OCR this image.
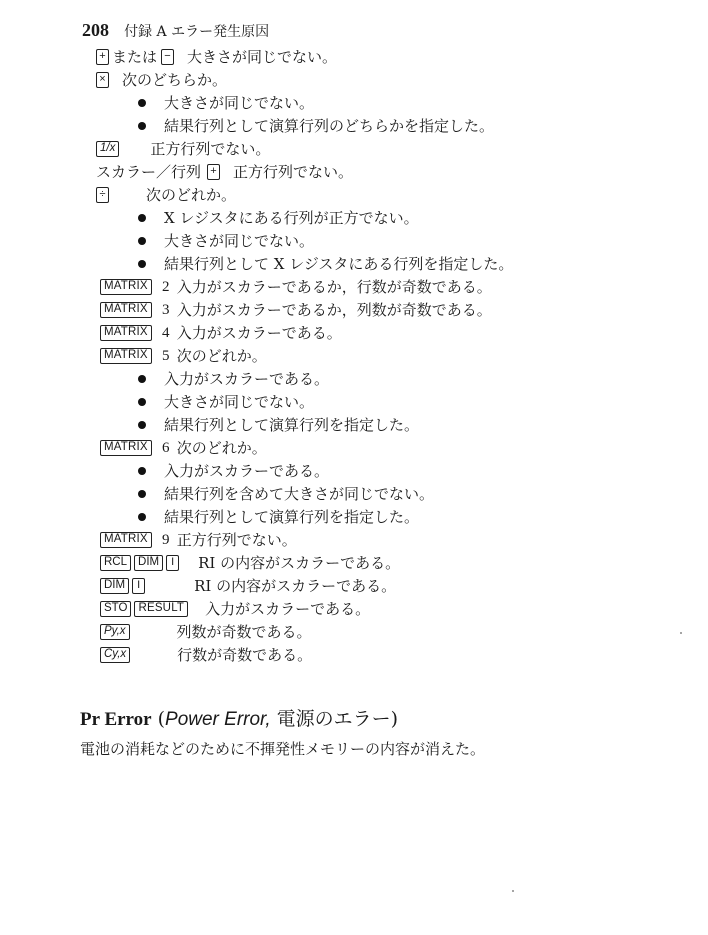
208 付録 A エラー発生原因
+ または − 大きさが同じでない。
× 次のどちらか。
大きさが同じでない。
結果行列として演算行列のどちらかを指定した。
1/x 正方行列でない。
スカラー／行列 + 正方行列でない。
÷	次のどれか。
X レジスタにある行列が正方でない。
大きさが同じでない。
結果行列として X レジスタにある行列を指定した。
MATRIX 2 入力がスカラーであるか，行数が奇数である。
MATRIX 3 入力がスカラーであるか，列数が奇数である。
MATRIX 4 入力がスカラーである。
MATRIX 5 次のどれか。
入力がスカラーである。
大きさが同じでない。
結果行列として演算行列を指定した。
MATRIX 6 次のどれか。
入力がスカラーである。
結果行列を含めて大きさが同じでない。
結果行列として演算行列を指定した。
MATRIX 9 正方行列でない。
RCL DIM	I	RI の内容がスカラーである。
DIM	I	RI の内容がスカラーである。
STO RESULT 入力がスカラーである。
Py,x	列数が奇数である。
Cy,x	行数が奇数である。
Pr Error (Power Error, 電源のエラー)
電池の消耗などのために不揮発性メモリーの内容が消えた。
